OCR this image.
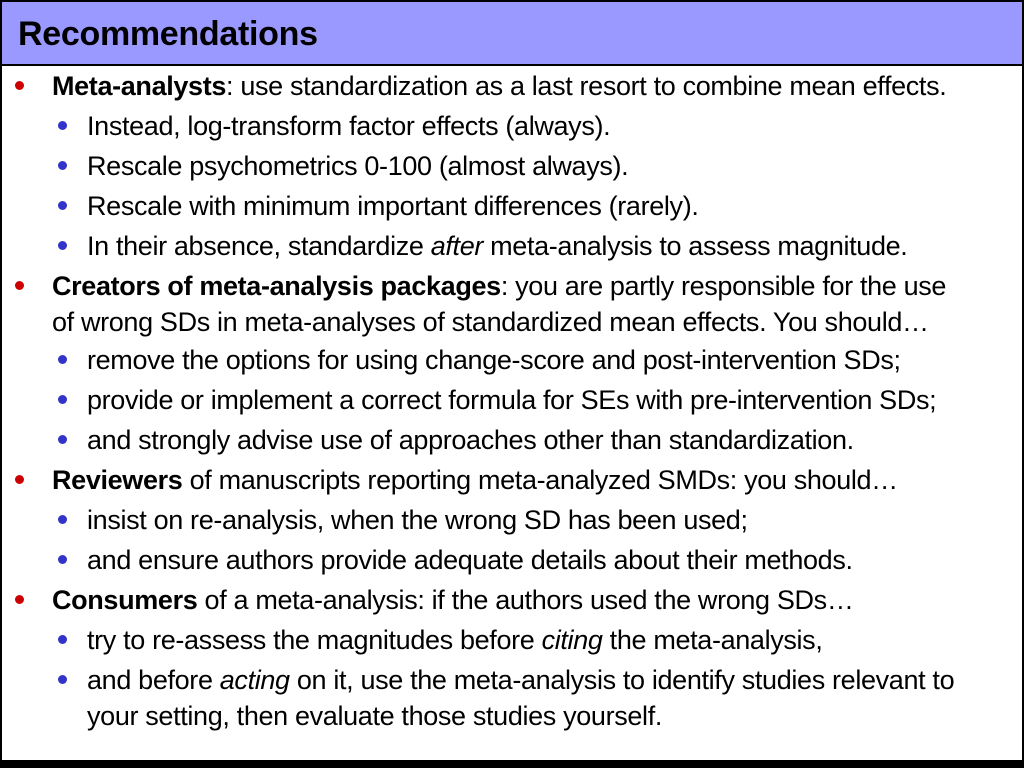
Recommendations
Meta-analysts: use standardization as a last resort to combine mean effects.
Instead, log-transform factor effects (always).
Rescale psychometrics 0-100 (almost always).
Rescale with minimum important differences (rarely).
In their absence, standardize after meta-analysis to assess magnitude.
Creators of meta-analysis packages: you are partly responsible for the use
of wrong SDs in meta-analyses of standardized mean effects. You should…
remove the options for using change-score and post-intervention SDs;
provide or implement a correct formula for SEs with pre-intervention SDs;
and strongly advise use of approaches other than standardization.
Reviewers of manuscripts reporting meta-analyzed SMDs: you should…
insist on re-analysis, when the wrong SD has been used;
and ensure authors provide adequate details about their methods.
Consumers of a meta-analysis: if the authors used the wrong SDs…
try to re-assess the magnitudes before citing the meta-analysis,
and before acting on it, use the meta-analysis to identify studies relevant to
your setting, then evaluate those studies yourself.
